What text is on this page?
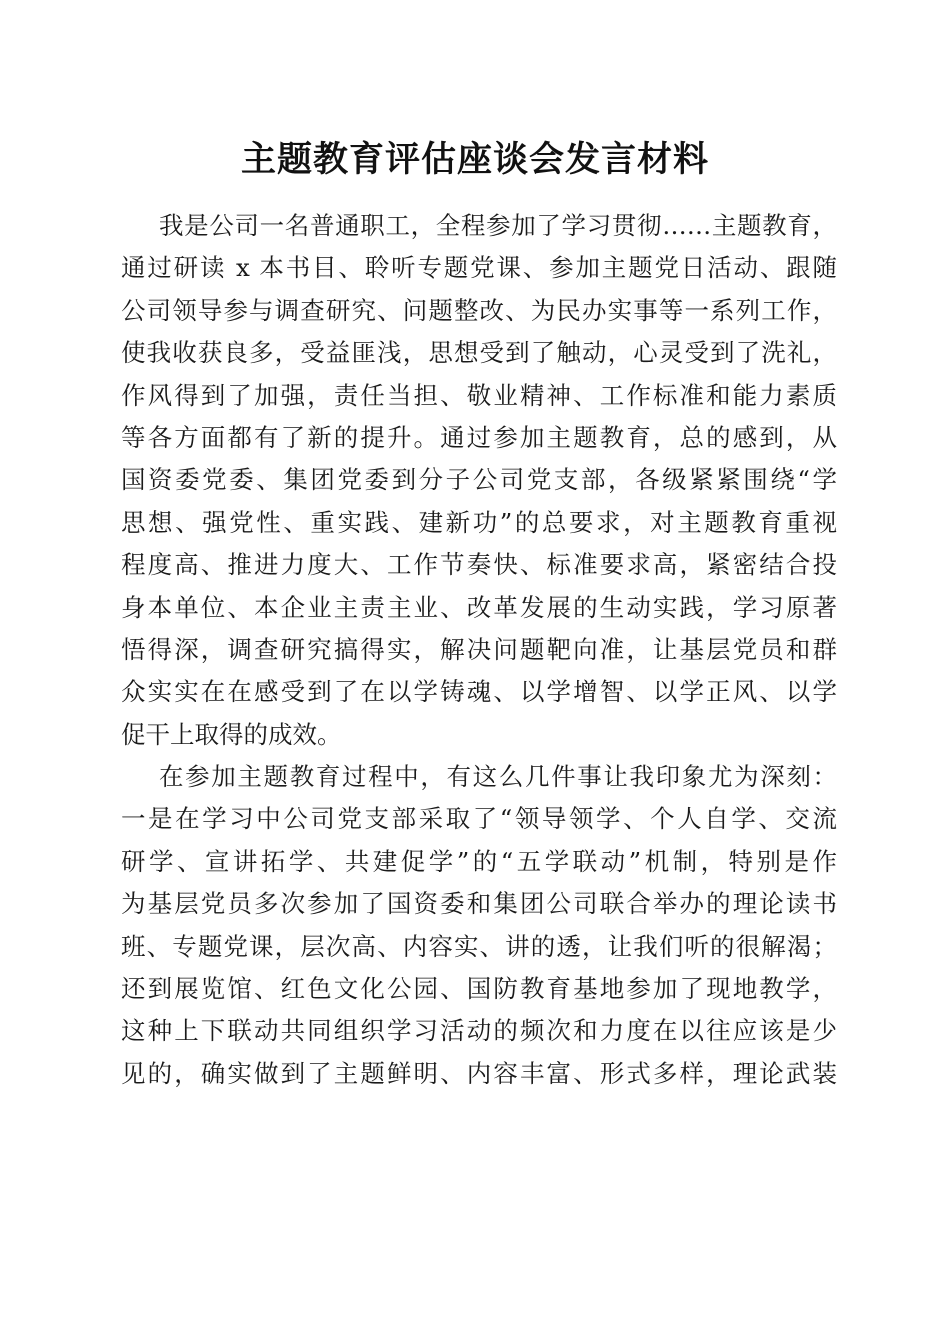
主题教育评估座谈会发言材料
我是公司一名普通职工，全程参加了学习贯彻……主题教育，
通过研读 x 本书目、聆听专题党课、参加主题党日活动、跟随
公司领导参与调查研究、问题整改、为民办实事等一系列工作，
使我收获良多，受益匪浅，思想受到了触动，心灵受到了洗礼，
作风得到了加强，责任当担、敬业精神、工作标准和能力素质
等各方面都有了新的提升。通过参加主题教育，总的感到，从
国资委党委、集团党委到分子公司党支部，各级紧紧围绕“学
思想、强党性、重实践、建新功”的总要求，对主题教育重视
程度高、推进力度大、工作节奏快、标准要求高，紧密结合投
身本单位、本企业主责主业、改革发展的生动实践，学习原著
悟得深，调查研究搞得实，解决问题靶向准，让基层党员和群
众实实在在感受到了在以学铸魂、以学增智、以学正风、以学
促干上取得的成效。
在参加主题教育过程中，有这么几件事让我印象尤为深刻：
一是在学习中公司党支部采取了“领导领学、个人自学、交流
研学、宣讲拓学、共建促学”的“五学联动”机制，特别是作
为基层党员多次参加了国资委和集团公司联合举办的理论读书
班、专题党课，层次高、内容实、讲的透，让我们听的很解渴；
还到展览馆、红色文化公园、国防教育基地参加了现地教学，
这种上下联动共同组织学习活动的频次和力度在以往应该是少
见的，确实做到了主题鲜明、内容丰富、形式多样，理论武装
